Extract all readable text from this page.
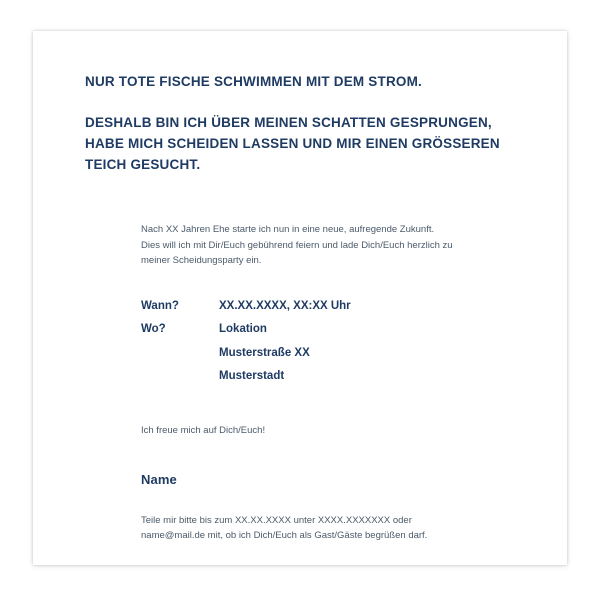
NUR TOTE FISCHE SCHWIMMEN MIT DEM STROM.

DESHALB BIN ICH ÜBER MEINEN SCHATTEN GESPRUNGEN, HABE MICH SCHEIDEN LASSEN UND MIR EINEN GRÖSSEREN TEICH GESUCHT.

Nach XX Jahren Ehe starte ich nun in eine neue, aufregende Zukunft. Dies will ich mit Dir/Euch gebührend feiern und lade Dich/Euch herzlich zu meiner Scheidungsparty ein.

Wann?	XX.XX.XXXX, XX:XX Uhr
Wo?	Lokation
	Musterstraße XX
	Musterstadt

Ich freue mich auf Dich/Euch!

Name

Teile mir bitte bis zum XX.XX.XXXX unter XXXX.XXXXXXX oder name@mail.de mit, ob ich Dich/Euch als Gast/Gäste begrüßen darf.
